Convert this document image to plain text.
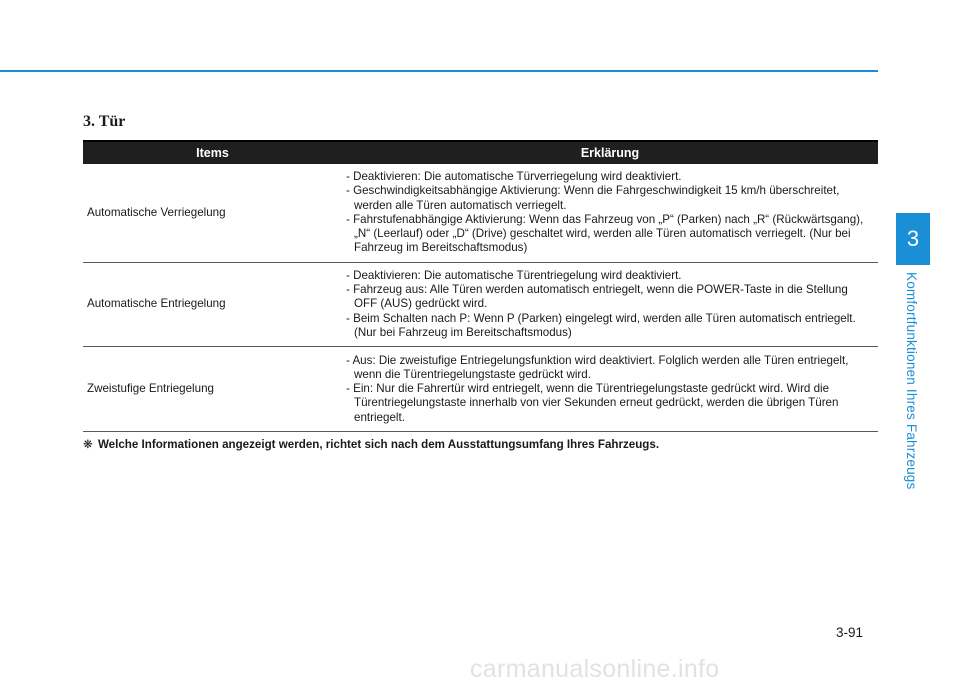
3. Tür
Items	Erklärung
Automatische Verriegelung	- Deaktivieren: Die automatische Türverriegelung wird deaktiviert.

- Geschwindigkeitsabhängige Aktivierung: Wenn die Fahrgeschwindigkeit 15 km/h überschreitet, werden alle Türen automatisch verriegelt.

- Fahrstufenabhängige Aktivierung: Wenn das Fahrzeug von „P“ (Parken) nach „R“ (Rückwärtsgang), „N“ (Leerlauf) oder „D“ (Drive) geschaltet wird, werden alle Türen automatisch verriegelt. (Nur bei Fahrzeug im Bereitschaftsmodus)

Automatische Entriegelung	- Deaktivieren: Die automatische Türentriegelung wird deaktiviert.

- Fahrzeug aus: Alle Türen werden automatisch entriegelt, wenn die POWER-Taste in die Stellung OFF (AUS) gedrückt wird.

- Beim Schalten nach P: Wenn P (Parken) eingelegt wird, werden alle Türen automatisch entriegelt. (Nur bei Fahrzeug im Bereitschaftsmodus)

Zweistufige Entriegelung	- Aus: Die zweistufige Entriegelungsfunktion wird deaktiviert. Folglich werden alle Türen entriegelt, wenn die Türentriegelungstaste gedrückt wird.

- Ein: Nur die Fahrertür wird entriegelt, wenn die Türentriegelungstaste gedrückt wird. Wird die Türentriegelungstaste innerhalb von vier Sekunden erneut gedrückt, werden die übrigen Türen entriegelt.

❋ Welche Informationen angezeigt werden, richtet sich nach dem Ausstattungsumfang Ihres Fahrzeugs.
3
Komfortfunktionen Ihres Fahrzeugs
3-91
carmanualsonline.info
